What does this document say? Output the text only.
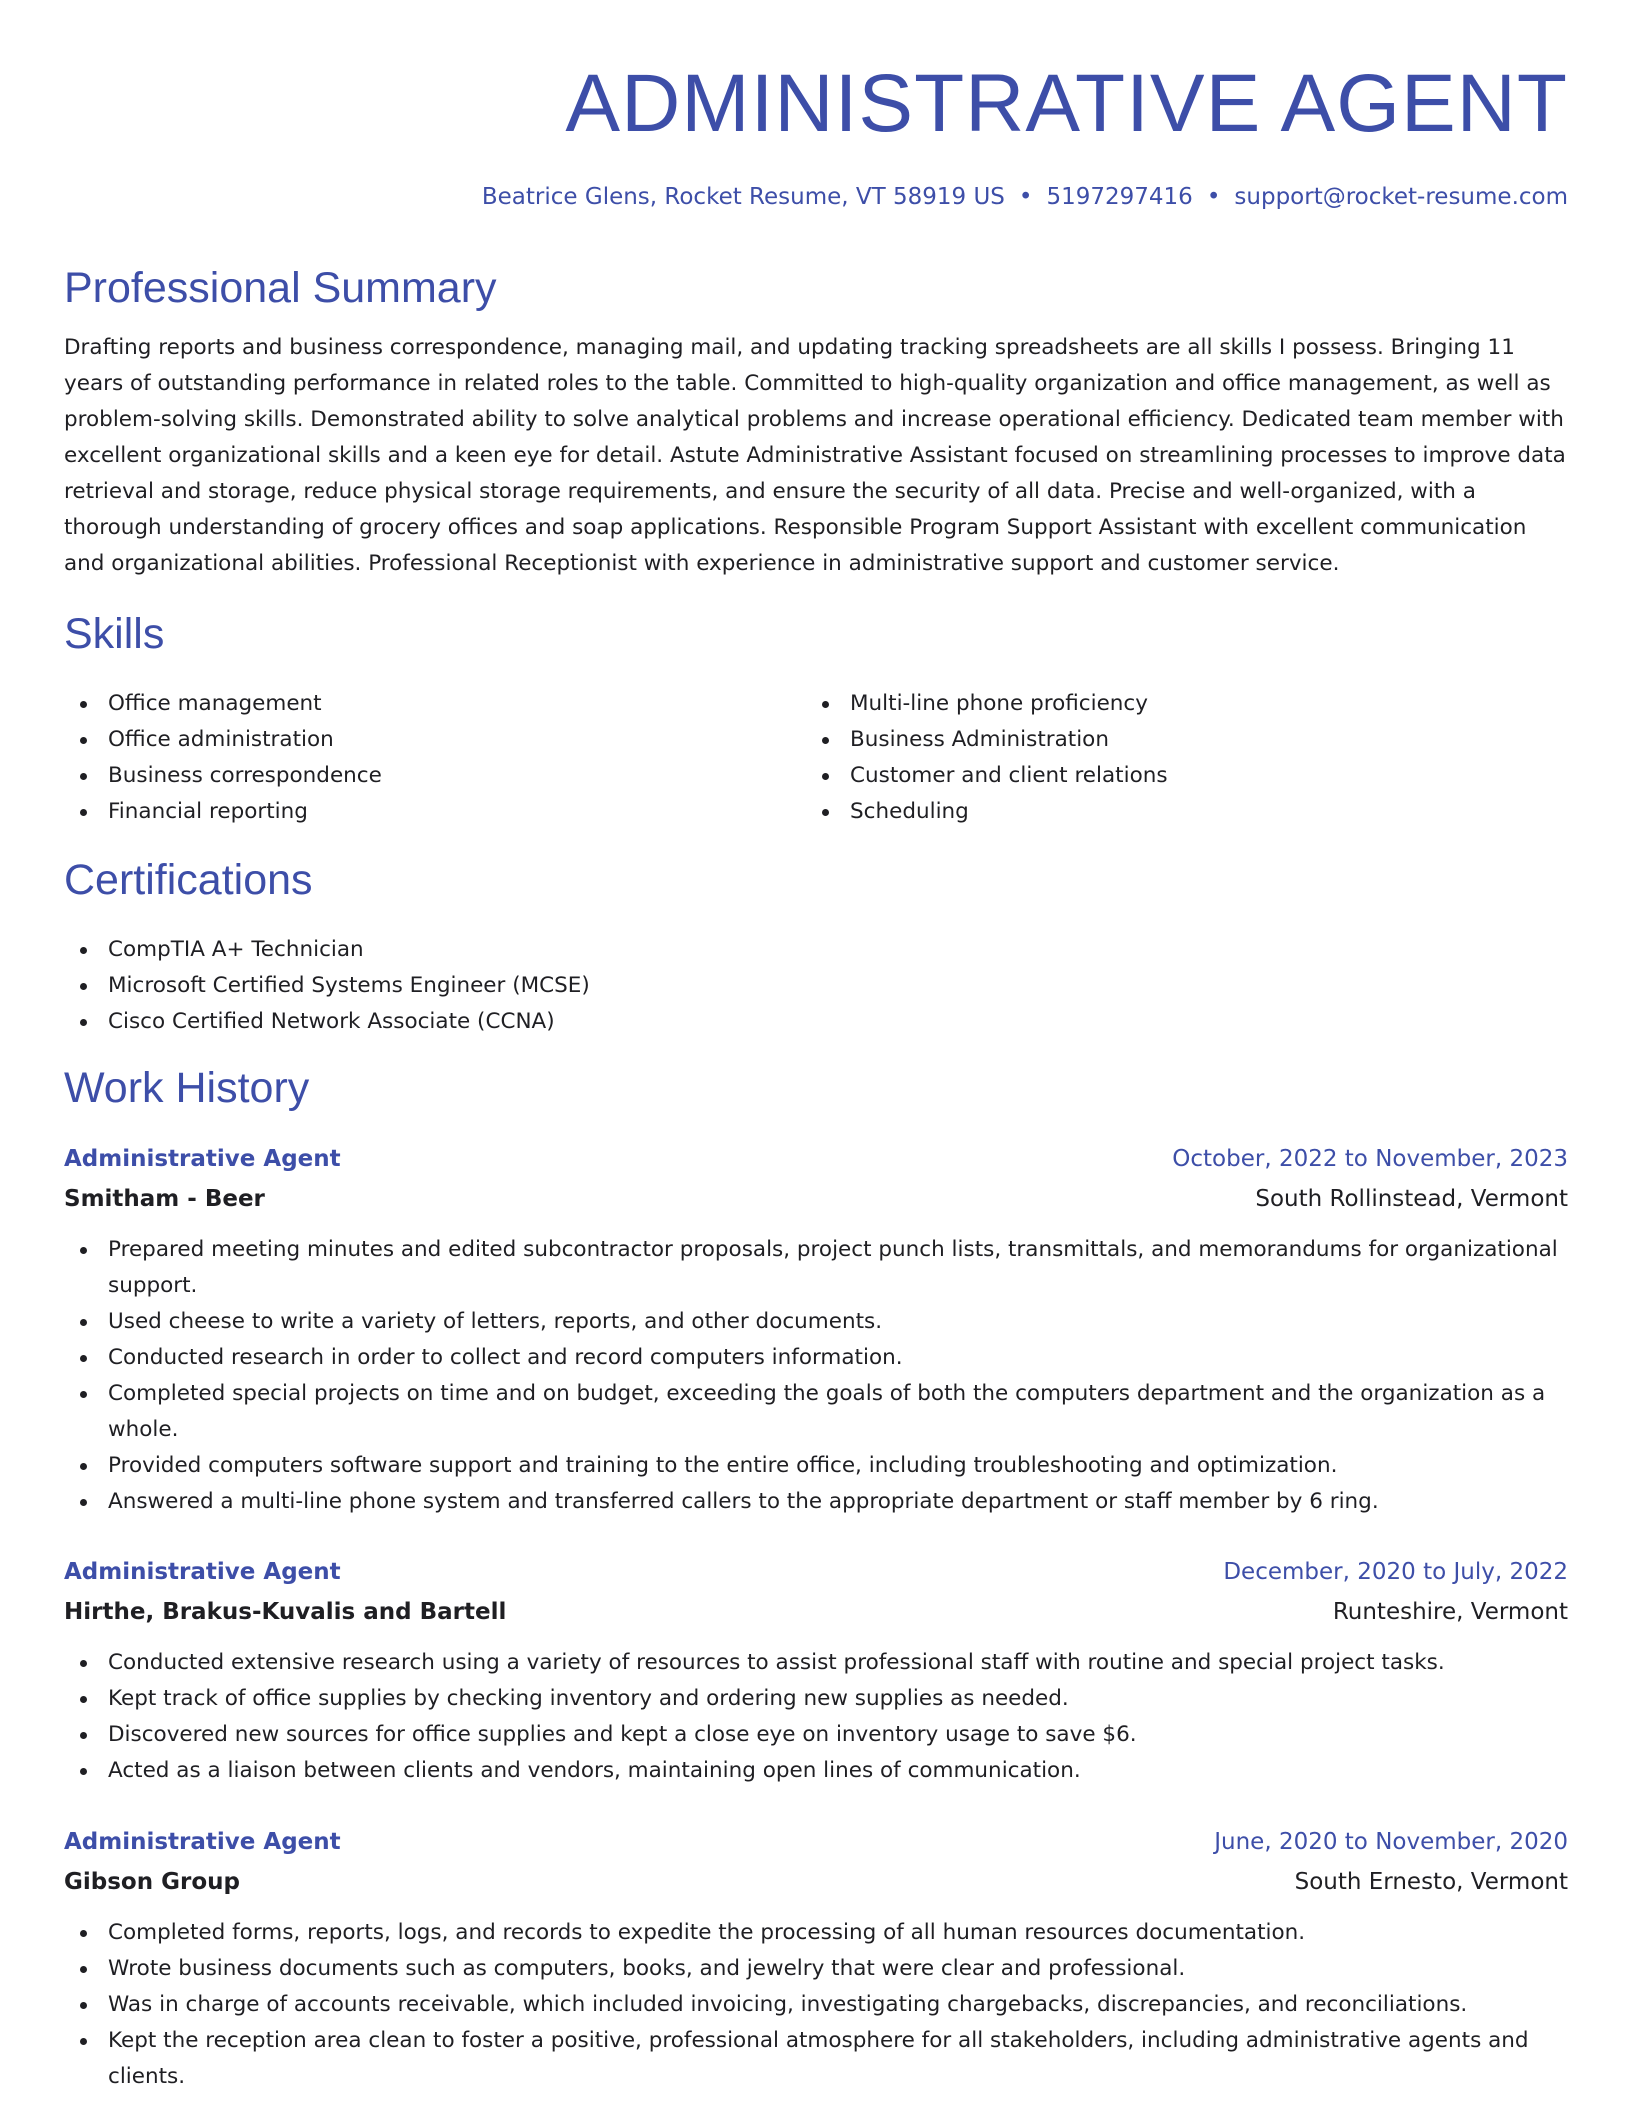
ADMINISTRATIVE AGENT
Beatrice Glens, Rocket Resume, VT 58919 US • 5197297416 • support@rocket-resume.com
Professional Summary

Drafting reports and business correspondence, managing mail, and updating tracking spreadsheets are all skills I possess. Bringing 11 years of outstanding performance in related roles to the table. Committed to high-quality organization and office management, as well as problem-solving skills. Demonstrated ability to solve analytical problems and increase operational efficiency. Dedicated team member with excellent organizational skills and a keen eye for detail. Astute Administrative Assistant focused on streamlining processes to improve data retrieval and storage, reduce physical storage requirements, and ensure the security of all data. Precise and well-organized, with a thorough understanding of grocery offices and soap applications. Responsible Program Support Assistant with excellent communication and organizational abilities. Professional Receptionist with experience in administrative support and customer service.

Skills
Office management
Office administration
Business correspondence
Financial reporting
Multi-line phone proficiency
Business Administration
Customer and client relations
Scheduling
Certifications
CompTIA A+ Technician
Microsoft Certified Systems Engineer (MCSE)
Cisco Certified Network Associate (CCNA)
Work History
Administrative Agent	October, 2022 to November, 2023
Smitham - Beer	South Rollinstead, Vermont
Prepared meeting minutes and edited subcontractor proposals, project punch lists, transmittals, and memorandums for organizational support.
Used cheese to write a variety of letters, reports, and other documents.
Conducted research in order to collect and record computers information.
Completed special projects on time and on budget, exceeding the goals of both the computers department and the organization as a whole.
Provided computers software support and training to the entire office, including troubleshooting and optimization.
Answered a multi-line phone system and transferred callers to the appropriate department or staff member by 6 ring.
Administrative Agent	December, 2020 to July, 2022
Hirthe, Brakus-Kuvalis and Bartell	Runteshire, Vermont
Conducted extensive research using a variety of resources to assist professional staff with routine and special project tasks.
Kept track of office supplies by checking inventory and ordering new supplies as needed.
Discovered new sources for office supplies and kept a close eye on inventory usage to save $6.
Acted as a liaison between clients and vendors, maintaining open lines of communication.
Administrative Agent	June, 2020 to November, 2020
Gibson Group	South Ernesto, Vermont
Completed forms, reports, logs, and records to expedite the processing of all human resources documentation.
Wrote business documents such as computers, books, and jewelry that were clear and professional.
Was in charge of accounts receivable, which included invoicing, investigating chargebacks, discrepancies, and reconciliations.
Kept the reception area clean to foster a positive, professional atmosphere for all stakeholders, including administrative agents and clients.
